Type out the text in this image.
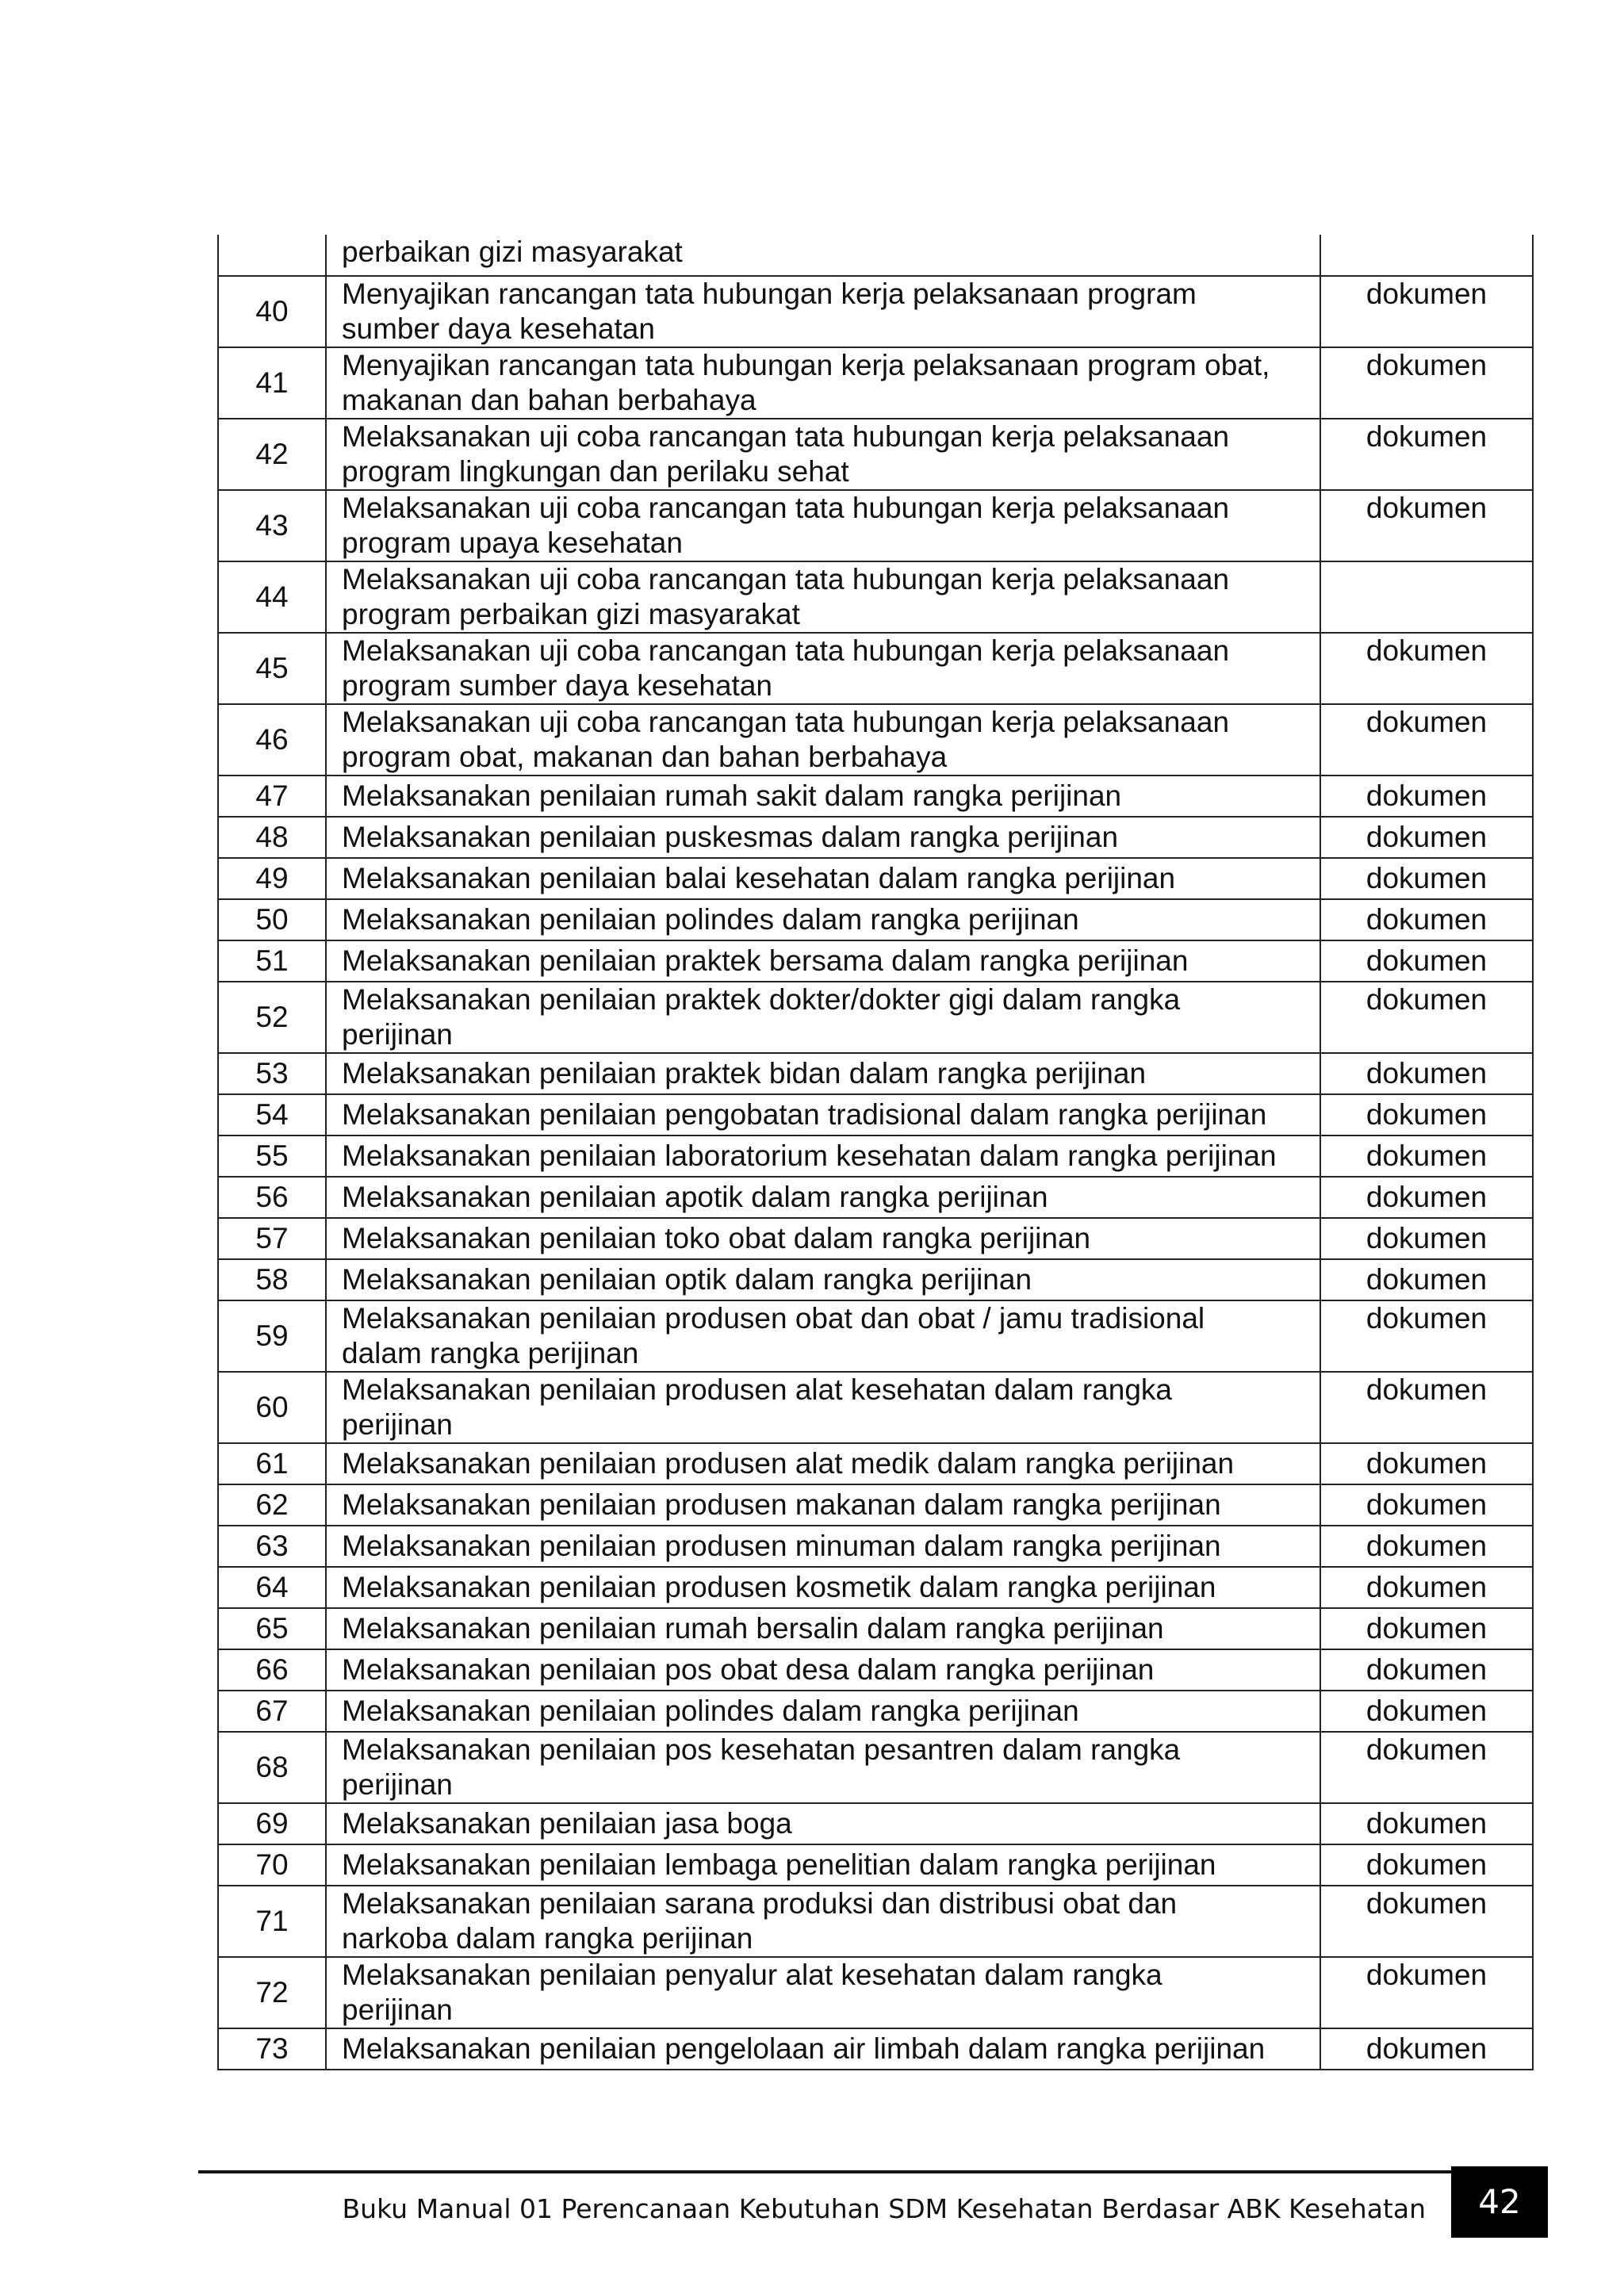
	perbaikan gizi masyarakat	
40	Menyajikan rancangan tata hubungan kerja pelaksanaan program
sumber daya kesehatan	dokumen
41	Menyajikan rancangan tata hubungan kerja pelaksanaan program obat,
makanan dan bahan berbahaya	dokumen
42	Melaksanakan uji coba rancangan tata hubungan kerja pelaksanaan
program lingkungan dan perilaku sehat	dokumen
43	Melaksanakan uji coba rancangan tata hubungan kerja pelaksanaan
program upaya kesehatan	dokumen
44	Melaksanakan uji coba rancangan tata hubungan kerja pelaksanaan
program perbaikan gizi masyarakat	

45	Melaksanakan uji coba rancangan tata hubungan kerja pelaksanaan
program sumber daya kesehatan	dokumen
46	Melaksanakan uji coba rancangan tata hubungan kerja pelaksanaan
program obat, makanan dan bahan berbahaya	dokumen
47	Melaksanakan penilaian rumah sakit dalam rangka perijinan	dokumen
48	Melaksanakan penilaian puskesmas dalam rangka perijinan	dokumen
49	Melaksanakan penilaian balai kesehatan dalam rangka perijinan	dokumen
50	Melaksanakan penilaian polindes dalam rangka perijinan	dokumen
51	Melaksanakan penilaian praktek bersama dalam rangka perijinan	dokumen
52	Melaksanakan penilaian praktek dokter/dokter gigi dalam rangka
perijinan	dokumen
53	Melaksanakan penilaian praktek bidan dalam rangka perijinan	dokumen
54	Melaksanakan penilaian pengobatan tradisional dalam rangka perijinan	dokumen
55	Melaksanakan penilaian laboratorium kesehatan dalam rangka perijinan	dokumen
56	Melaksanakan penilaian apotik dalam rangka perijinan	dokumen
57	Melaksanakan penilaian toko obat dalam rangka perijinan	dokumen
58	Melaksanakan penilaian optik dalam rangka perijinan	dokumen
59	Melaksanakan penilaian produsen obat dan obat / jamu tradisional
dalam rangka perijinan	dokumen
60	Melaksanakan penilaian produsen alat kesehatan dalam rangka
perijinan	dokumen
61	Melaksanakan penilaian produsen alat medik dalam rangka perijinan	dokumen
62	Melaksanakan penilaian produsen makanan dalam rangka perijinan	dokumen
63	Melaksanakan penilaian produsen minuman dalam rangka perijinan	dokumen
64	Melaksanakan penilaian produsen kosmetik dalam rangka perijinan	dokumen
65	Melaksanakan penilaian rumah bersalin dalam rangka perijinan	dokumen
66	Melaksanakan penilaian pos obat desa dalam rangka perijinan	dokumen
67	Melaksanakan penilaian polindes dalam rangka perijinan	dokumen
68	Melaksanakan penilaian pos kesehatan pesantren dalam rangka
perijinan	dokumen
69	Melaksanakan penilaian jasa boga	dokumen
70	Melaksanakan penilaian lembaga penelitian dalam rangka perijinan	dokumen
71	Melaksanakan penilaian sarana produksi dan distribusi obat dan
narkoba dalam rangka perijinan	dokumen
72	Melaksanakan penilaian penyalur alat kesehatan dalam rangka
perijinan	dokumen
73	Melaksanakan penilaian pengelolaan air limbah dalam rangka perijinan	dokumen
Buku Manual 01 Perencanaan Kebutuhan SDM Kesehatan Berdasar ABK Kesehatan	42
